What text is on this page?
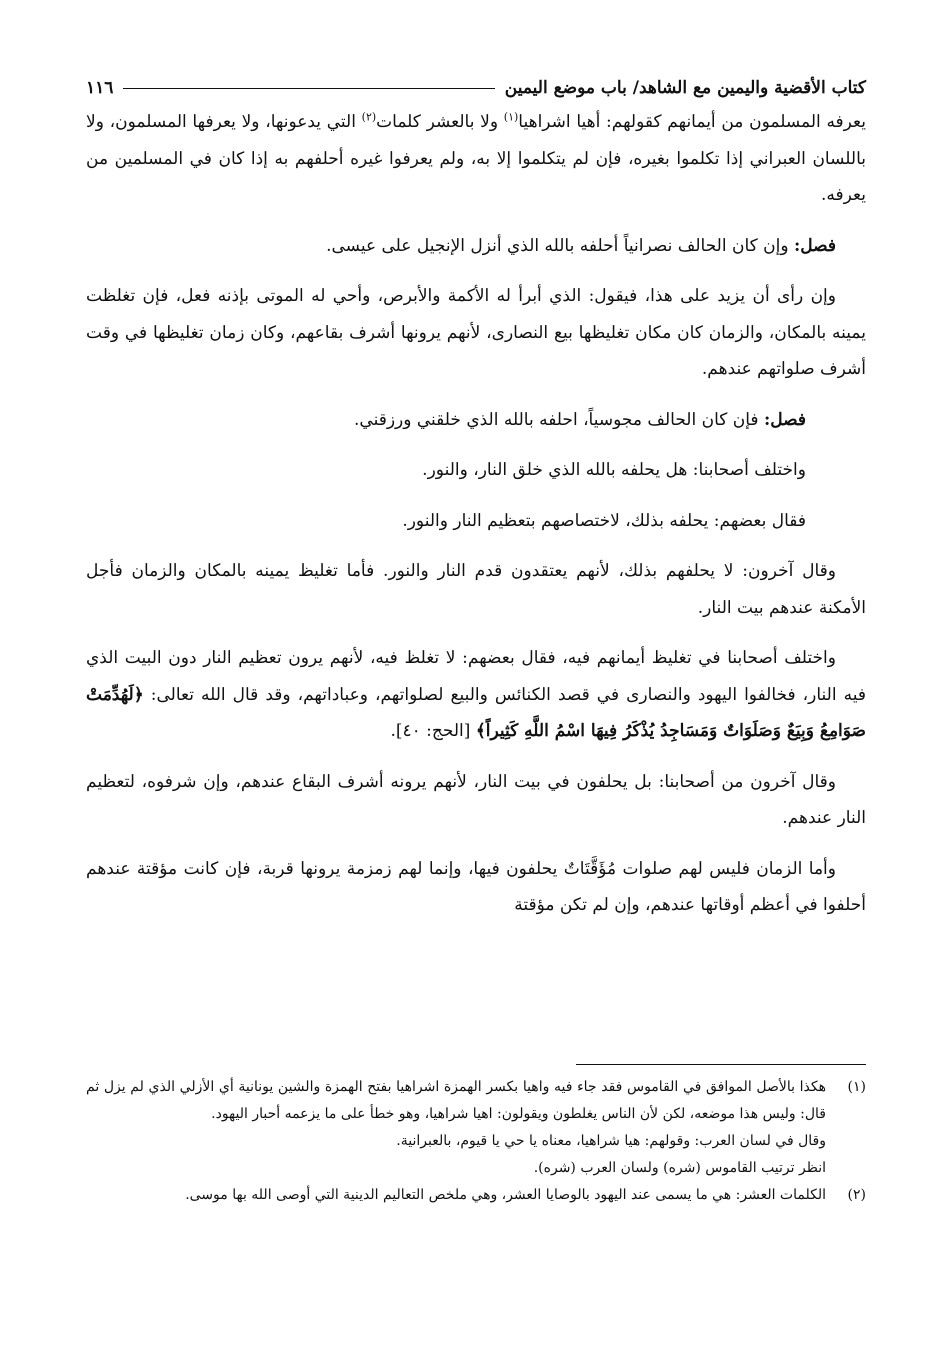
كتاب الأقضية واليمين مع الشاهد/ باب موضع اليمين
١١٦

يعرفه المسلمون من أيمانهم كقولهم: أهيا اشراهيا$^{(١)}$ ولا بالعشر كلمات$^{(٢)}$ التي يدعونها، ولا يعرفها المسلمون، ولا باللسان العبراني إذا تكلموا بغيره، فإن لم يتكلموا إلا به، ولم يعرفوا غيره أحلفهم به إذا كان في المسلمين من يعرفه.

فصل: وإن كان الحالف نصرانياً أحلفه بالله الذي أنزل الإنجيل على عيسى.

وإن رأى أن يزيد على هذا، فيقول: الذي أبرأ له الأكمة والأبرص، وأحي له الموتى بإذنه فعل، فإن تغلظت يمينه بالمكان، والزمان كان مكان تغليظها بيع النصارى، لأنهم يرونها أشرف بقاعهم، وكان زمان تغليظها في وقت أشرف صلواتهم عندهم.

فصل: فإن كان الحالف مجوسياً، احلفه بالله الذي خلقني ورزقني.

واختلف أصحابنا: هل يحلفه بالله الذي خلق النار، والنور.

فقال بعضهم: يحلفه بذلك، لاختصاصهم بتعظيم النار والنور.

وقال آخرون: لا يحلفهم بذلك، لأنهم يعتقدون قدم النار والنور. فأما تغليظ يمينه بالمكان والزمان فأجل الأمكنة عندهم بيت النار.

واختلف أصحابنا في تغليظ أيمانهم فيه، فقال بعضهم: لا تغلظ فيه، لأنهم يرون تعظيم النار دون البيت الذي فيه النار، فخالفوا اليهود والنصارى في قصد الكنائس والبيع لصلواتهم، وعباداتهم، وقد قال الله تعالى: ﴿لَهُدِّمَتْ صَوَامِعُ وَبِيَعٌ وَصَلَوَاتٌ وَمَسَاجِدُ يُذْكَرُ فِيهَا اسْمُ اللَّهِ كَثِيراً﴾ [الحج: ٤٠].

وقال آخرون من أصحابنا: بل يحلفون في بيت النار، لأنهم يرونه أشرف البقاع عندهم، وإن شرفوه، لتعظيم النار عندهم.

وأما الزمان فليس لهم صلوات مُؤَقَّتَاتٌ يحلفون فيها، وإنما لهم زمزمة يرونها قربة، فإن كانت مؤقتة عندهم أحلفوا في أعظم أوقاتها عندهم، وإن لم تكن مؤقتة

(١)
هكذا بالأصل الموافق في القاموس فقد جاء فيه واهيا بكسر الهمزة اشراهيا بفتح الهمزة والشين يونانية أي الأزلي الذي لم يزل ثم قال: وليس هذا موضعه، لكن لأن الناس يغلطون ويقولون: اهيا شراهيا، وهو خطأ على ما يزعمه أحبار اليهود.
وقال في لسان العرب: وقولهم: هيا شراهيا، معناه يا حي يا قيوم، بالعبرانية.
انظر ترتيب القاموس (شره) ولسان العرب (شره).
(٢)
الكلمات العشر: هي ما يسمى عند اليهود بالوصايا العشر، وهي ملخص التعاليم الدينية التي أوصى الله بها موسى.
